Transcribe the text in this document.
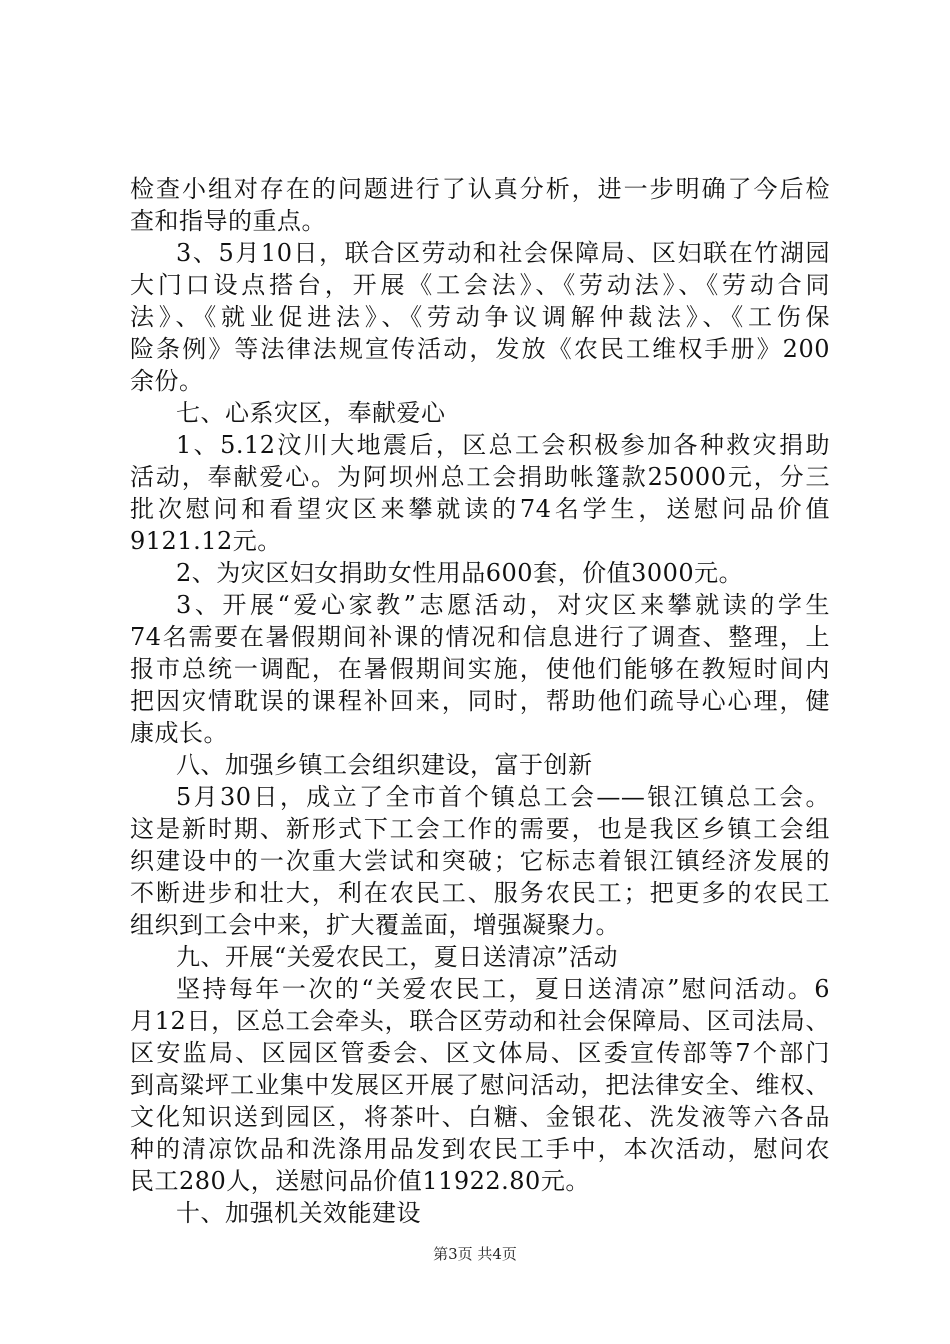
检查小组对存在的问题进行了认真分析，进一步明确了今后检
查和指导的重点。
3、5月10日，联合区劳动和社会保障局、区妇联在竹湖园
大门口设点搭台，开展《工会法》、《劳动法》、《劳动合同
法》、《就业促进法》、《劳动争议调解仲裁法》、《工伤保
险条例》等法律法规宣传活动，发放《农民工维权手册》200
余份。
七、心系灾区，奉献爱心
1、5.12汶川大地震后，区总工会积极参加各种救灾捐助
活动，奉献爱心。为阿坝州总工会捐助帐篷款25000元，分三
批次慰问和看望灾区来攀就读的74名学生，送慰问品价值
9121.12元。
2、为灾区妇女捐助女性用品600套，价值3000元。
3、开展“爱心家教”志愿活动，对灾区来攀就读的学生
74名需要在暑假期间补课的情况和信息进行了调查、整理，上
报市总统一调配，在暑假期间实施，使他们能够在教短时间内
把因灾情耽误的课程补回来，同时，帮助他们疏导心心理，健
康成长。
八、加强乡镇工会组织建设，富于创新
5月30日，成立了全市首个镇总工会——银江镇总工会。
这是新时期、新形式下工会工作的需要，也是我区乡镇工会组
织建设中的一次重大尝试和突破；它标志着银江镇经济发展的
不断进步和壮大，利在农民工、服务农民工；把更多的农民工
组织到工会中来，扩大覆盖面，增强凝聚力。
九、开展“关爱农民工，夏日送清凉”活动
坚持每年一次的“关爱农民工，夏日送清凉”慰问活动。6
月12日，区总工会牵头，联合区劳动和社会保障局、区司法局、
区安监局、区园区管委会、区文体局、区委宣传部等7个部门
到高粱坪工业集中发展区开展了慰问活动，把法律安全、维权、
文化知识送到园区，将茶叶、白糖、金银花、洗发液等六各品
种的清凉饮品和洗涤用品发到农民工手中，本次活动，慰问农
民工280人，送慰问品价值11922.80元。
十、加强机关效能建设
第3页 共4页
